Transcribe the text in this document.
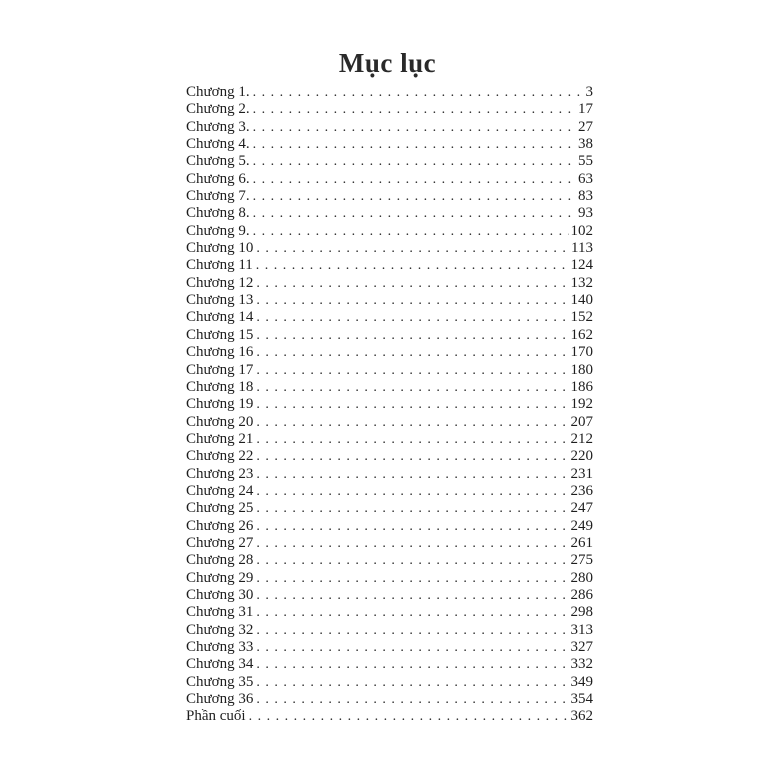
Mục lục
Chương 1. . . .	3
Chương 2. . . .	17
Chương 3. . . .	27
Chương 4. . . .	38
Chương 5. . . .	55
Chương 6. . . .	63
Chương 7. . . .	83
Chương 8. . . .	93
Chương 9. . . .	102
Chương 10 . . .	113
Chương 11 . . .	124
Chương 12 . . .	132
Chương 13 . . .	140
Chương 14 . . .	152
Chương 15 . . .	162
Chương 16 . . .	170
Chương 17 . . .	180
Chương 18 . . .	186
Chương 19 . . .	192
Chương 20 . . .	207
Chương 21 . . .	212
Chương 22 . . .	220
Chương 23 . . .	231
Chương 24 . . .	236
Chương 25 . . .	247
Chương 26 . . .	249
Chương 27 . . .	261
Chương 28 . . .	275
Chương 29 . . .	280
Chương 30 . . .	286
Chương 31 . . .	298
Chương 32 . . .	313
Chương 33 . . .	327
Chương 34 . . .	332
Chương 35 . . .	349
Chương 36 . . .	354
Phần cuối . . .	362
